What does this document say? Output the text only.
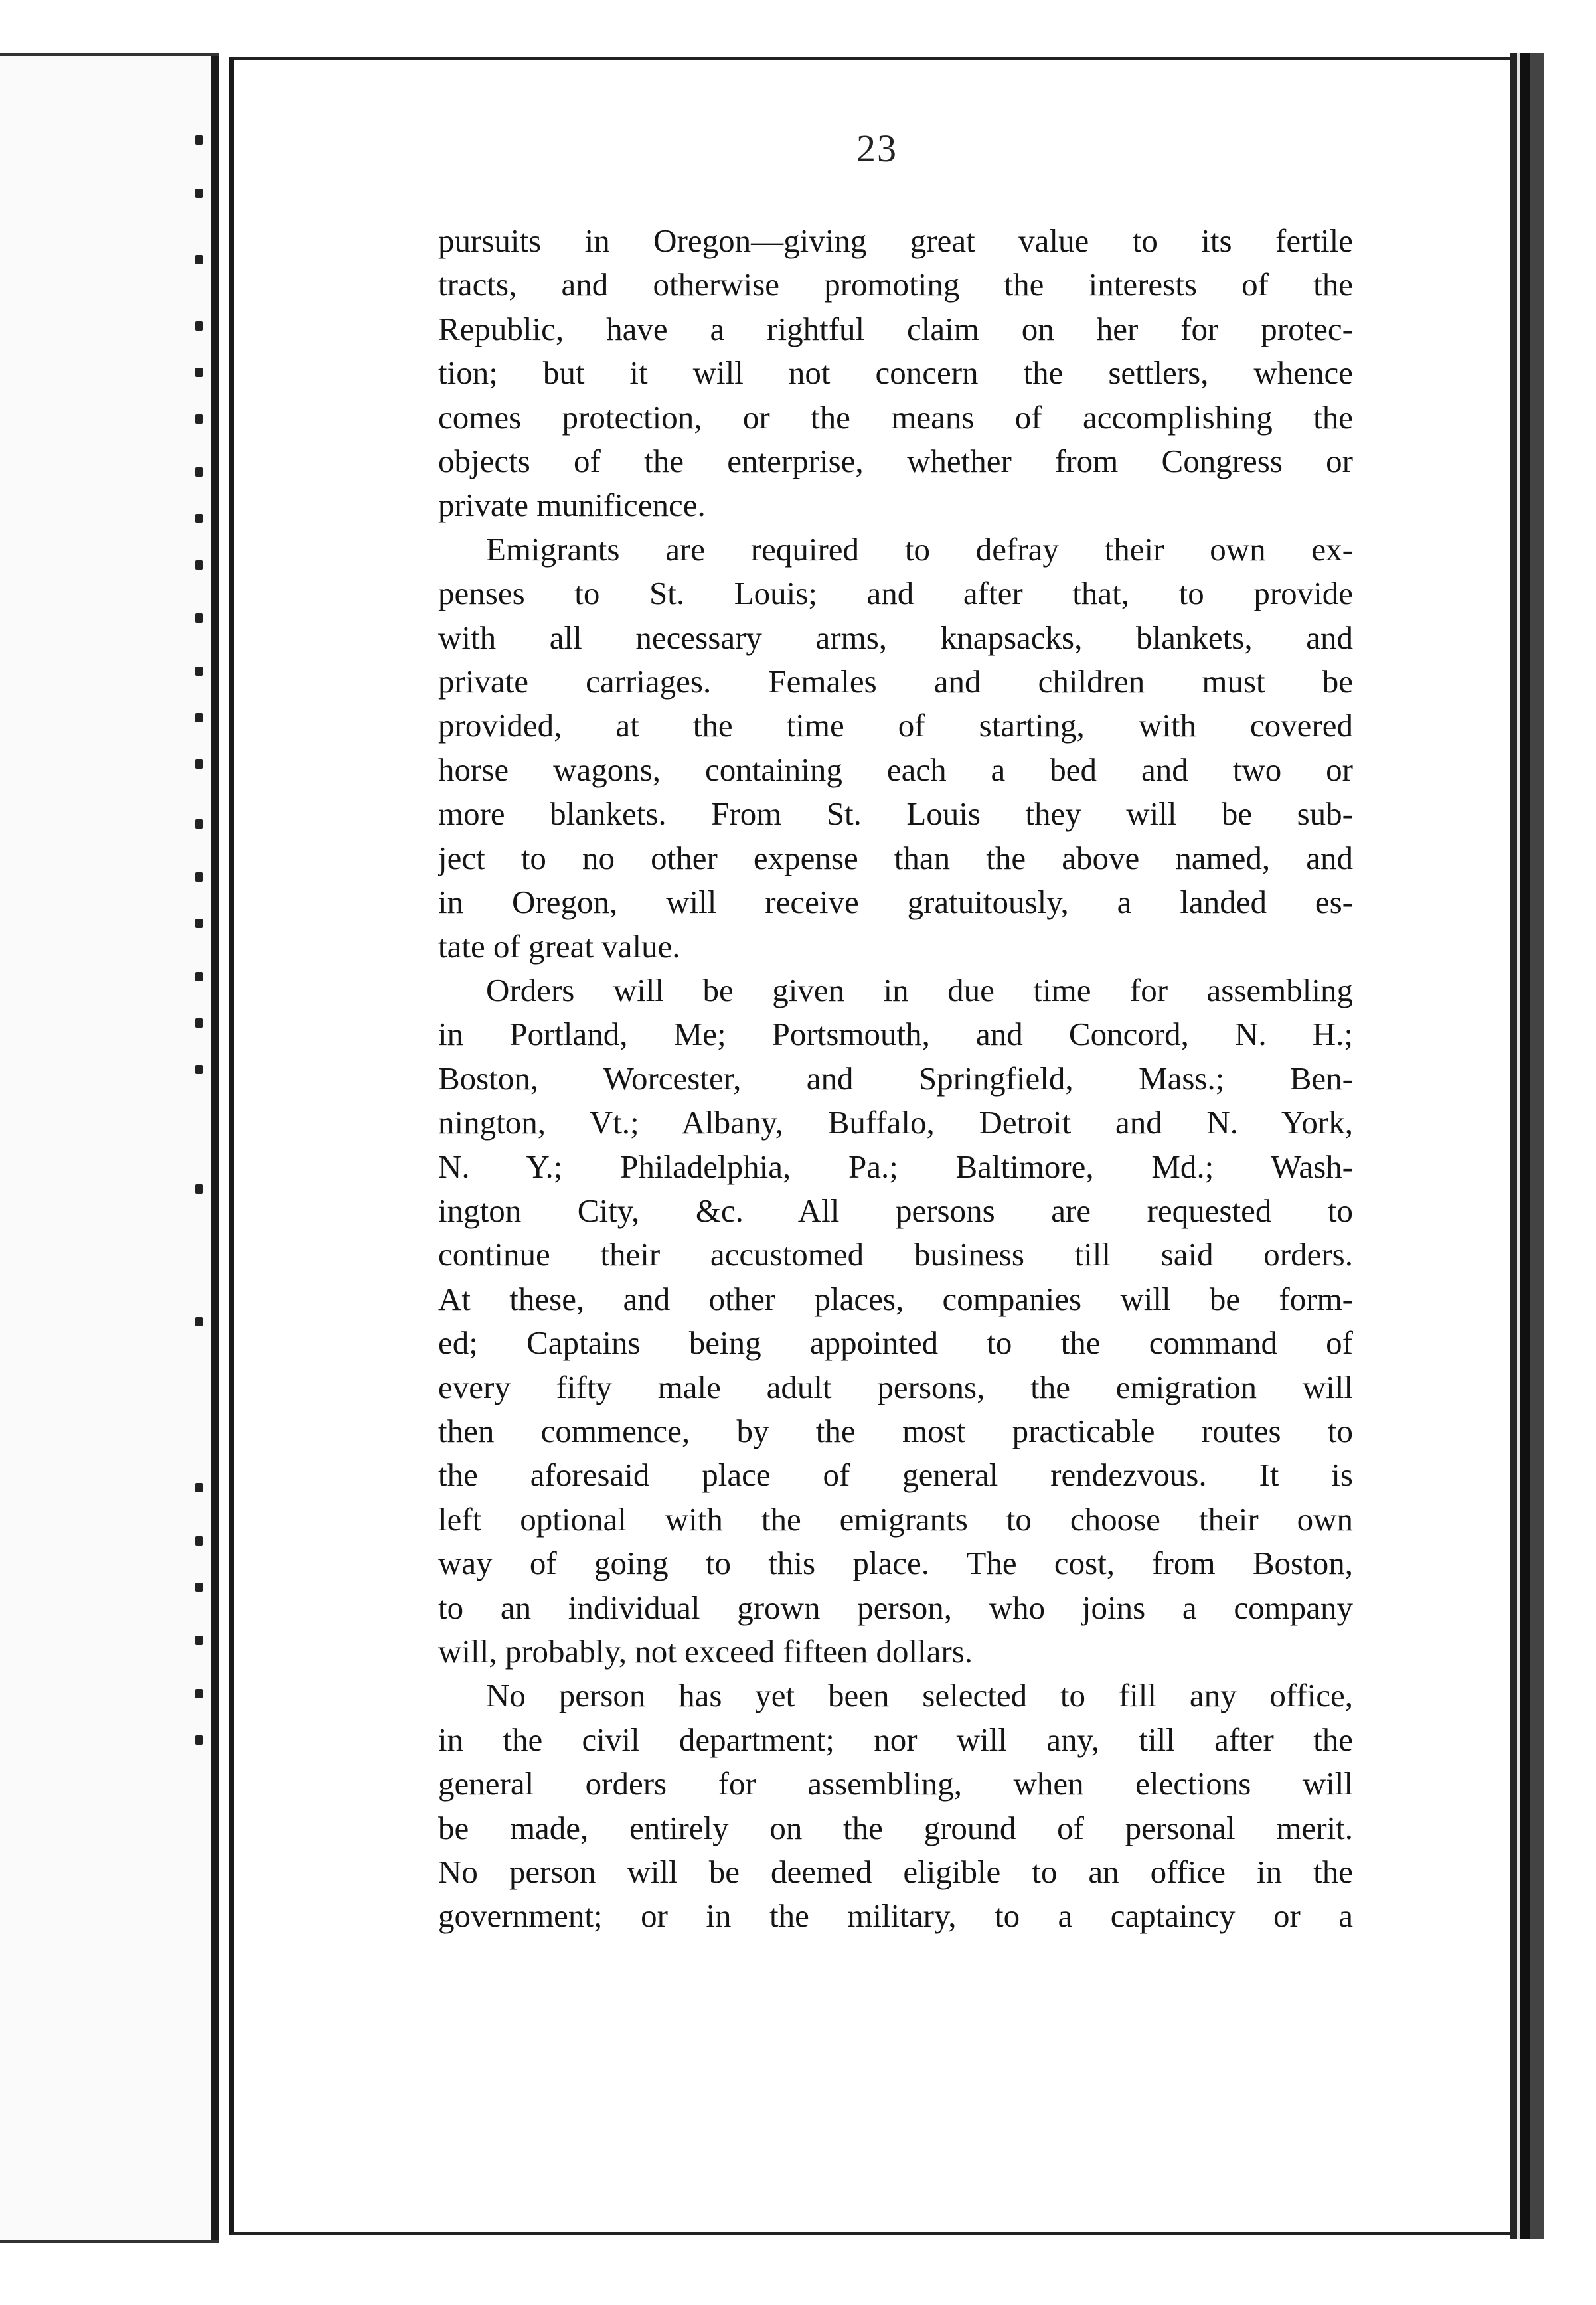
23
pursuits in Oregon—giving great value to its fertile
tracts, and otherwise promoting the interests of the
Republic, have a rightful claim on her for protec-
tion; but it will not concern the settlers, whence
comes protection, or the means of accomplishing the
objects of the enterprise, whether from Congress or
private munificence.
Emigrants are required to defray their own ex-
penses to St. Louis; and after that, to provide
with all necessary arms, knapsacks, blankets, and
private carriages. Females and children must be
provided, at the time of starting, with covered
horse wagons, containing each a bed and two or
more blankets. From St. Louis they will be sub-
ject to no other expense than the above named, and
in Oregon, will receive gratuitously, a landed es-
tate of great value.
Orders will be given in due time for assembling
in Portland, Me; Portsmouth, and Concord, N. H.;
Boston, Worcester, and Springfield, Mass.; Ben-
nington, Vt.; Albany, Buffalo, Detroit and N. York,
N. Y.; Philadelphia, Pa.; Baltimore, Md.; Wash-
ington City, &c. All persons are requested to
continue their accustomed business till said orders.
At these, and other places, companies will be form-
ed; Captains being appointed to the command of
every fifty male adult persons, the emigration will
then commence, by the most practicable routes to
the aforesaid place of general rendezvous. It is
left optional with the emigrants to choose their own
way of going to this place. The cost, from Boston,
to an individual grown person, who joins a company
will, probably, not exceed fifteen dollars.
No person has yet been selected to fill any office,
in the civil department; nor will any, till after the
general orders for assembling, when elections will
be made, entirely on the ground of personal merit.
No person will be deemed eligible to an office in the
government; or in the military, to a captaincy or a
